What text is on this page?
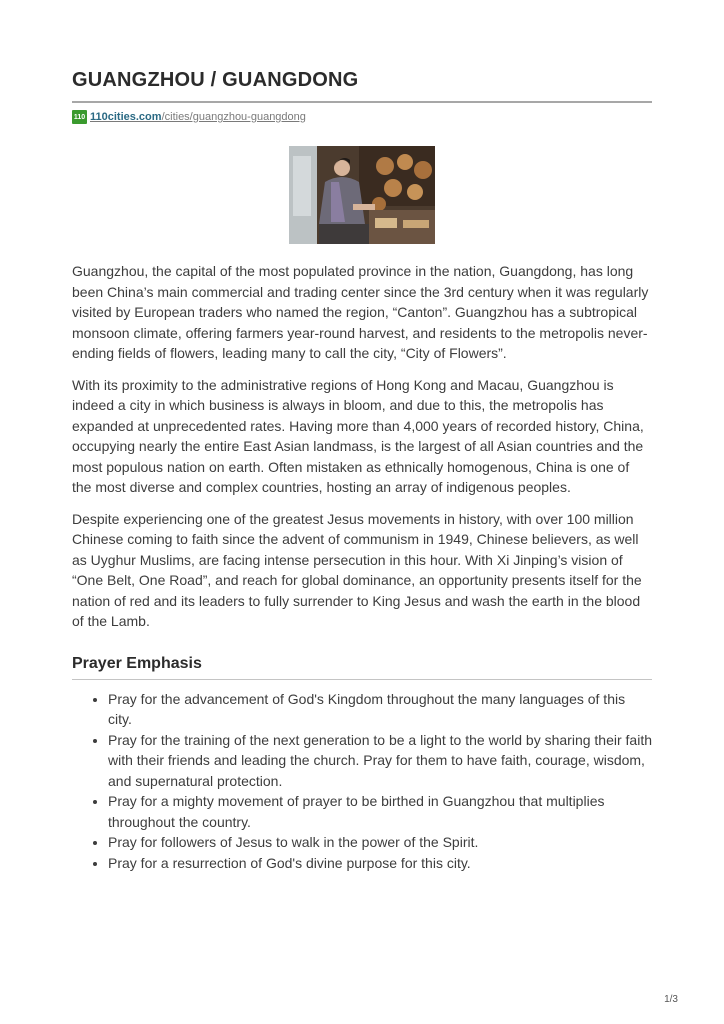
GUANGZHOU / GUANGDONG
110 110cities.com/cities/guangzhou-guangdong

Guangzhou, the capital of the most populated province in the nation, Guangdong, has long been China’s main commercial and trading center since the 3rd century when it was regularly visited by European traders who named the region, “Canton”. Guangzhou has a subtropical monsoon climate, offering farmers year-round harvest, and residents to the metropolis never-ending fields of flowers, leading many to call the city, “City of Flowers”.

With its proximity to the administrative regions of Hong Kong and Macau, Guangzhou is indeed a city in which business is always in bloom, and due to this, the metropolis has expanded at unprecedented rates. Having more than 4,000 years of recorded history, China, occupying nearly the entire East Asian landmass, is the largest of all Asian countries and the most populous nation on earth. Often mistaken as ethnically homogenous, China is one of the most diverse and complex countries, hosting an array of indigenous peoples.

Despite experiencing one of the greatest Jesus movements in history, with over 100 million Chinese coming to faith since the advent of communism in 1949, Chinese believers, as well as Uyghur Muslims, are facing intense persecution in this hour. With Xi Jinping’s vision of “One Belt, One Road”, and reach for global dominance, an opportunity presents itself for the nation of red and its leaders to fully surrender to King Jesus and wash the earth in the blood of the Lamb.

Prayer Emphasis
• Pray for the advancement of God's Kingdom throughout the many languages of this city.
• Pray for the training of the next generation to be a light to the world by sharing their faith with their friends and leading the church. Pray for them to have faith, courage, wisdom, and supernatural protection.
• Pray for a mighty movement of prayer to be birthed in Guangzhou that multiplies throughout the country.
• Pray for followers of Jesus to walk in the power of the Spirit.
• Pray for a resurrection of God's divine purpose for this city.
1/3
